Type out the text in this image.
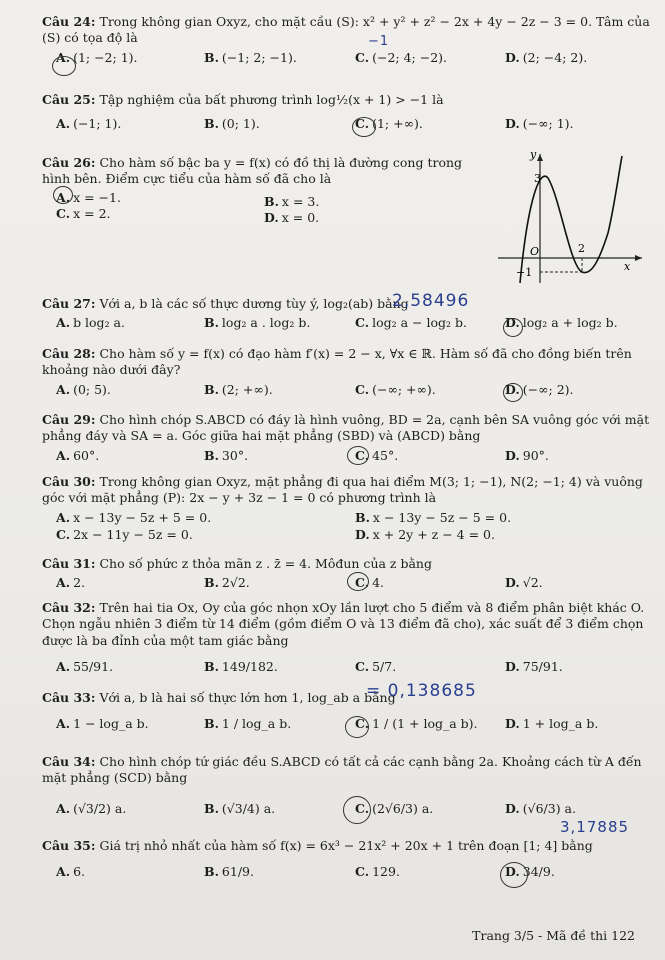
Câu 24: Trong không gian Oxyz, cho mặt cầu (S): x² + y² + z² − 2x + 4y − 2z − 3 = 0. Tâm của (S) có tọa độ là
A. (1; −2; 1).	B. (−1; 2; −1).	C. (−2; 4; −2).	D. (2; −4; 2).
−1
Câu 25: Tập nghiệm của bất phương trình log½(x + 1) > −1 là
A. (−1; 1).	B. (0; 1).	C. (1; +∞).	D. (−∞; 1).
Câu 26: Cho hàm số bậc ba y = f(x) có đồ thị là đường cong trong hình bên. Điểm cực tiểu của hàm số đã cho là
A. x = −1.	B. x = 3.
C. x = 2.	D. x = 0.
y
x
O
3
2
−1
Câu 27: Với a, b là các số thực dương tùy ý, log₂(ab) bằng
A. b log₂ a.	B. log₂ a . log₂ b.	C. log₂ a − log₂ b.	D. log₂ a + log₂ b.
2,58496
Câu 28: Cho hàm số y = f(x) có đạo hàm f′(x) = 2 − x, ∀x ∈ ℝ. Hàm số đã cho đồng biến trên khoảng nào dưới đây?
A. (0; 5).	B. (2; +∞).	C. (−∞; +∞).	D. (−∞; 2).
Câu 29: Cho hình chóp S.ABCD có đáy là hình vuông, BD = 2a, cạnh bên SA vuông góc với mặt phẳng đáy và SA = a. Góc giữa hai mặt phẳng (SBD) và (ABCD) bằng
A. 60°.	B. 30°.	C. 45°.	D. 90°.
Câu 30: Trong không gian Oxyz, mặt phẳng đi qua hai điểm M(3; 1; −1), N(2; −1; 4) và vuông góc với mặt phẳng (P): 2x − y + 3z − 1 = 0 có phương trình là
A. x − 13y − 5z + 5 = 0.	B. x − 13y − 5z − 5 = 0.
C. 2x − 11y − 5z = 0.	D. x + 2y + z − 4 = 0.
Câu 31: Cho số phức z thỏa mãn z . z̄ = 4. Môđun của z bằng
A. 2.	B. 2√2.	C. 4.	D. √2.
Câu 32: Trên hai tia Ox, Oy của góc nhọn xOy lần lượt cho 5 điểm và 8 điểm phân biệt khác O. Chọn ngẫu nhiên 3 điểm từ 14 điểm (gồm điểm O và 13 điểm đã cho), xác suất để 3 điểm chọn được là ba đỉnh của một tam giác bằng
A. 55/91.	B. 149/182.	C. 5/7.	D. 75/91.
Câu 33: Với a, b là hai số thực lớn hơn 1, log_ab a bằng
A. 1 − log_a b.	B. 1 / log_a b.	C. 1 / (1 + log_a b). D. 1 + log_a b.
= 0,138685
Câu 34: Cho hình chóp tứ giác đều S.ABCD có tất cả các cạnh bằng 2a. Khoảng cách từ A đến mặt phẳng (SCD) bằng
A. (√3/2) a.	B. (√3/4) a.	C. (2√6/3) a.	D. (√6/3) a.
3,17885
Câu 35: Giá trị nhỏ nhất của hàm số f(x) = 6x³ − 21x² + 20x + 1 trên đoạn [1; 4] bằng
A. 6.	B. 61/9.	C. 129.	D. 34/9.
Trang 3/5 - Mã đề thi 122
